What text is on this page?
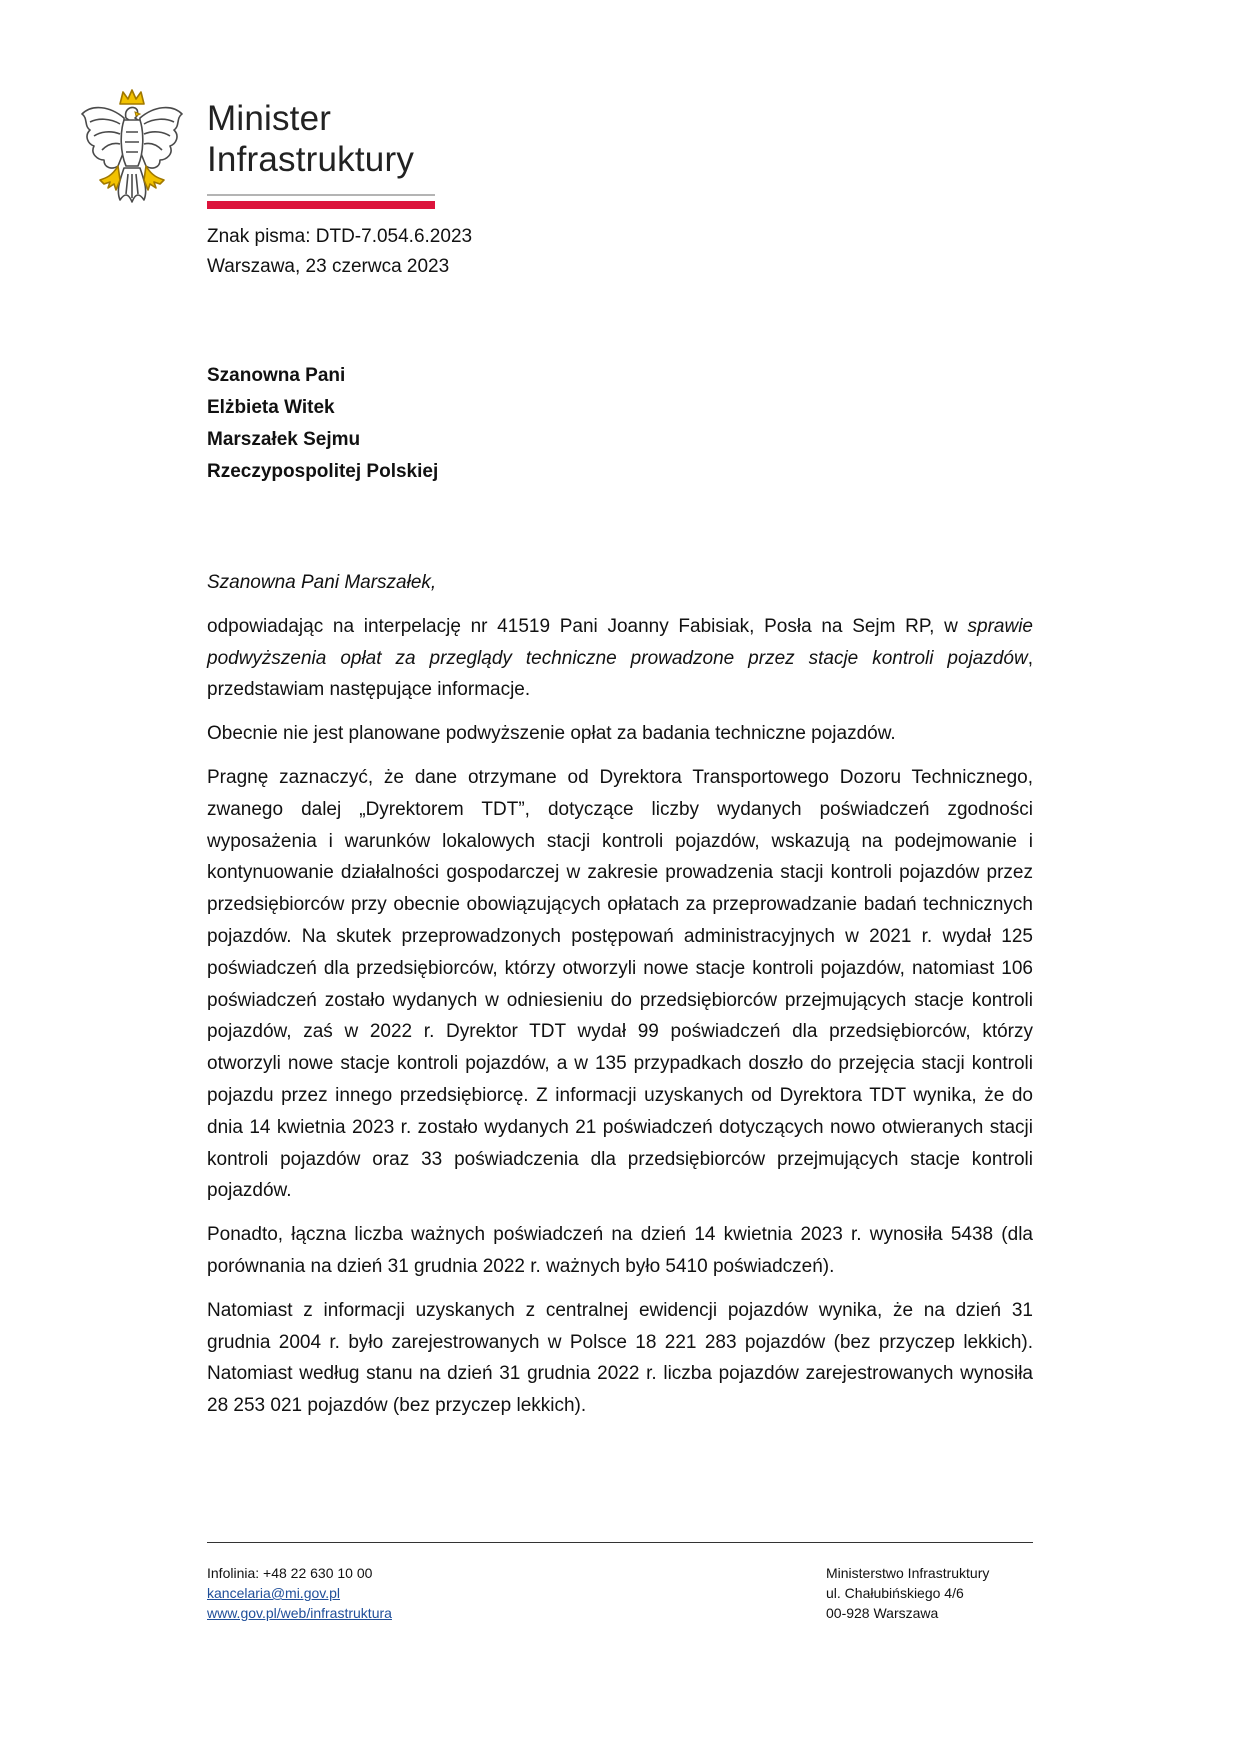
Minister
Infrastruktury
Znak pisma: DTD-7.054.6.2023
Warszawa, 23 czerwca 2023
Szanowna Pani
Elżbieta Witek
Marszałek Sejmu
Rzeczypospolitej Polskiej
Szanowna Pani Marszałek,

odpowiadając na interpelację nr 41519 Pani Joanny Fabisiak, Posła na Sejm RP, w sprawie podwyższenia opłat za przeglądy techniczne prowadzone przez stacje kontroli pojazdów, przedstawiam następujące informacje.

Obecnie nie jest planowane podwyższenie opłat za badania techniczne pojazdów.

Pragnę zaznaczyć, że dane otrzymane od Dyrektora Transportowego Dozoru Technicznego, zwanego dalej „Dyrektorem TDT”, dotyczące liczby wydanych poświadczeń zgodności wyposażenia i warunków lokalowych stacji kontroli pojazdów, wskazują na podejmowanie i kontynuowanie działalności gospodarczej w zakresie prowadzenia stacji kontroli pojazdów przez przedsiębiorców przy obecnie obowiązujących opłatach za przeprowadzanie badań technicznych pojazdów. Na skutek przeprowadzonych postępowań administracyjnych w 2021 r. wydał 125 poświadczeń dla przedsiębiorców, którzy otworzyli nowe stacje kontroli pojazdów, natomiast 106 poświadczeń zostało wydanych w odniesieniu do przedsiębiorców przejmujących stacje kontroli pojazdów, zaś w 2022 r. Dyrektor TDT wydał 99 poświadczeń dla przedsiębiorców, którzy otworzyli nowe stacje kontroli pojazdów, a w 135 przypadkach doszło do przejęcia stacji kontroli pojazdu przez innego przedsiębiorcę. Z informacji uzyskanych od Dyrektora TDT wynika, że do dnia 14 kwietnia 2023 r. zostało wydanych 21 poświadczeń dotyczących nowo otwieranych stacji kontroli pojazdów oraz 33 poświadczenia dla przedsiębiorców przejmujących stacje kontroli pojazdów.

Ponadto, łączna liczba ważnych poświadczeń na dzień 14 kwietnia 2023 r. wynosiła 5438 (dla porównania na dzień 31 grudnia 2022 r. ważnych było 5410 poświadczeń).

Natomiast z informacji uzyskanych z centralnej ewidencji pojazdów wynika, że na dzień 31 grudnia 2004 r. było zarejestrowanych w Polsce 18 221 283 pojazdów (bez przyczep lekkich). Natomiast według stanu na dzień 31 grudnia 2022 r. liczba pojazdów zarejestrowanych wynosiła 28 253 021 pojazdów (bez przyczep lekkich).

Infolinia: +48 22 630 10 00
kancelaria@mi.gov.pl
www.gov.pl/web/infrastruktura
Ministerstwo Infrastruktury
ul. Chałubińskiego 4/6
00-928 Warszawa
